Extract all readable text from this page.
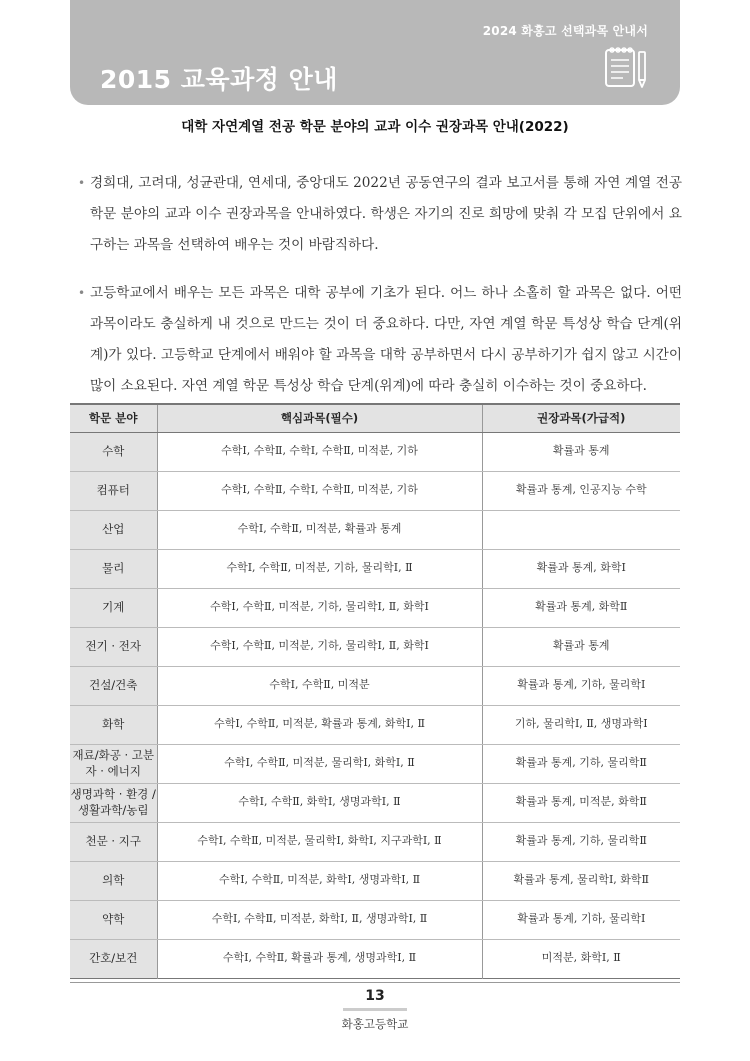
2024 화홍고 선택과목 안내서
2015 교육과정 안내
대학 자연계열 전공 학문 분야의 교과 이수 권장과목 안내(2022)
• 경희대, 고려대, 성균관대, 연세대, 중앙대도 2022년 공동연구의 결과 보고서를 통해 자연 계열 전공 학문 분야의 교과 이수 권장과목을 안내하였다. 학생은 자기의 진로 희망에 맞춰 각 모집 단위에서 요구하는 과목을 선택하여 배우는 것이 바람직하다.

• 고등학교에서 배우는 모든 과목은 대학 공부에 기초가 된다. 어느 하나 소홀히 할 과목은 없다. 어떤 과목이라도 충실하게 내 것으로 만드는 것이 더 중요하다. 다만, 자연 계열 학문 특성상 학습 단계(위계)가 있다. 고등학교 단계에서 배워야 할 과목을 대학 공부하면서 다시 공부하기가 쉽지 않고 시간이 많이 소요된다. 자연 계열 학문 특성상 학습 단계(위계)에 따라 충실히 이수하는 것이 중요하다.

학문 분야	핵심과목(필수)	권장과목(가급적)
수학	수학Ⅰ, 수학Ⅱ, 수학Ⅰ, 수학Ⅱ, 미적분, 기하	확률과 통계
컴퓨터	수학Ⅰ, 수학Ⅱ, 수학Ⅰ, 수학Ⅱ, 미적분, 기하	확률과 통계, 인공지능 수학
산업	수학Ⅰ, 수학Ⅱ, 미적분, 확률과 통계	
물리	수학Ⅰ, 수학Ⅱ, 미적분, 기하, 물리학Ⅰ, Ⅱ	확률과 통계, 화학Ⅰ
기계	수학Ⅰ, 수학Ⅱ, 미적분, 기하, 물리학Ⅰ, Ⅱ, 화학Ⅰ	확률과 통계, 화학Ⅱ
전기 · 전자	수학Ⅰ, 수학Ⅱ, 미적분, 기하, 물리학Ⅰ, Ⅱ, 화학Ⅰ	확률과 통계
건설/건축	수학Ⅰ, 수학Ⅱ, 미적분	확률과 통계, 기하, 물리학Ⅰ
화학	수학Ⅰ, 수학Ⅱ, 미적분, 확률과 통계, 화학Ⅰ, Ⅱ	기하, 물리학Ⅰ, Ⅱ, 생명과학Ⅰ
재료/화공 · 고분자 · 에너지	수학Ⅰ, 수학Ⅱ, 미적분, 물리학Ⅰ, 화학Ⅰ, Ⅱ	확률과 통계, 기하, 물리학Ⅱ
생명과학 · 환경 /생활과학/농림	수학Ⅰ, 수학Ⅱ, 화학Ⅰ, 생명과학Ⅰ, Ⅱ	확률과 통계, 미적분, 화학Ⅱ
천문 · 지구	수학Ⅰ, 수학Ⅱ, 미적분, 물리학Ⅰ, 화학Ⅰ, 지구과학Ⅰ, Ⅱ	확률과 통계, 기하, 물리학Ⅱ
의학	수학Ⅰ, 수학Ⅱ, 미적분, 화학Ⅰ, 생명과학Ⅰ, Ⅱ	확률과 통계, 물리학Ⅰ, 화학Ⅱ
약학	수학Ⅰ, 수학Ⅱ, 미적분, 화학Ⅰ, Ⅱ, 생명과학Ⅰ, Ⅱ	확률과 통계, 기하, 물리학Ⅰ
간호/보건	수학Ⅰ, 수학Ⅱ, 확률과 통계, 생명과학Ⅰ, Ⅱ	미적분, 화학Ⅰ, Ⅱ
13
화홍고등학교
